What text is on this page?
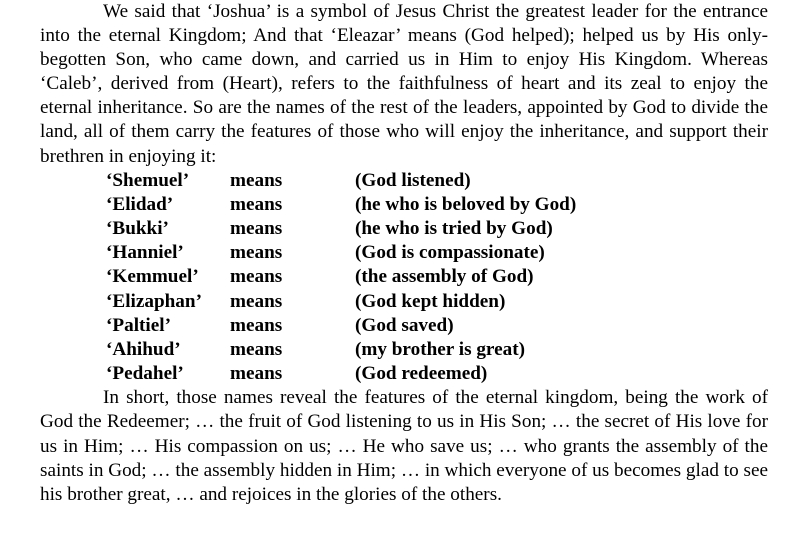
We said that ‘Joshua’ is a symbol of Jesus Christ the greatest leader for the entrance into the eternal Kingdom; And that ‘Eleazar’ means (God helped); helped us by His only-begotten Son, who came down, and carried us in Him to enjoy His Kingdom. Whereas ‘Caleb’, derived from (Heart), refers to the faithfulness of heart and its zeal to enjoy the eternal inheritance. So are the names of the rest of the leaders, appointed by God to divide the land, all of them carry the features of those who will enjoy the inheritance, and support their brethren in enjoying it:

‘Shemuel’ means	(God listened)
‘Elidad’	means	(he who is beloved by God)
‘Bukki’	means	(he who is tried by God)
‘Hanniel’ means	(God is compassionate)
‘Kemmuel’ means	(the assembly of God)
‘Elizaphan’ means	(God kept hidden)
‘Paltiel’	means	(God saved)
‘Ahihud’	means	(my brother is great)
‘Pedahel’ means	(God redeemed)

In short, those names reveal the features of the eternal kingdom, being the work of God the Redeemer; … the fruit of God listening to us in His Son; … the secret of His love for us in Him; … His compassion on us; … He who save us; … who grants the assembly of the saints in God; … the assembly hidden in Him; … in which everyone of us becomes glad to see his brother great, … and rejoices in the glories of the others.
